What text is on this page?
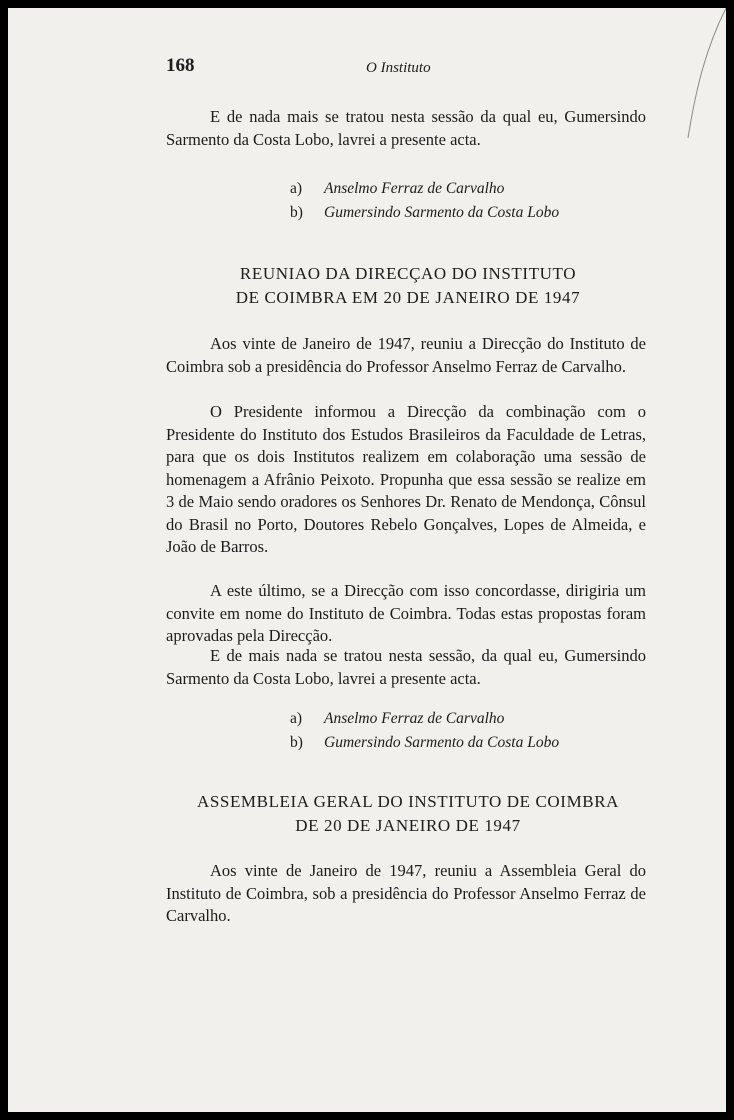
168	O Instituto
E de nada mais se tratou nesta sessão da qual eu, Gumersindo Sarmento da Costa Lobo, lavrei a presente acta.
a) Anselmo Ferraz de Carvalho
b) Gumersindo Sarmento da Costa Lobo
REUNIAO DA DIRECÇAO DO INSTITUTO
DE COIMBRA EM 20 DE JANEIRO DE 1947
Aos vinte de Janeiro de 1947, reuniu a Direcção do Instituto de Coimbra sob a presidência do Professor Anselmo Ferraz de Carvalho.
O Presidente informou a Direcção da combinação com o Presidente do Instituto dos Estudos Brasileiros da Faculdade de Letras, para que os dois Institutos realizem em colaboração uma sessão de homenagem a Afrânio Peixoto. Propunha que essa sessão se realize em 3 de Maio sendo oradores os Senhores Dr. Renato de Mendonça, Cônsul do Brasil no Porto, Doutores Rebelo Gonçalves, Lopes de Almeida, e João de Barros.
A este último, se a Direcção com isso concordasse, dirigiria um convite em nome do Instituto de Coimbra. Todas estas propostas foram aprovadas pela Direcção.
E de mais nada se tratou nesta sessão, da qual eu, Gumersindo Sarmento da Costa Lobo, lavrei a presente acta.
a) Anselmo Ferraz de Carvalho
b) Gumersindo Sarmento da Costa Lobo
ASSEMBLEIA GERAL DO INSTITUTO DE COIMBRA
DE 20 DE JANEIRO DE 1947
Aos vinte de Janeiro de 1947, reuniu a Assembleia Geral do Instituto de Coimbra, sob a presidência do Professor Anselmo Ferraz de Carvalho.
